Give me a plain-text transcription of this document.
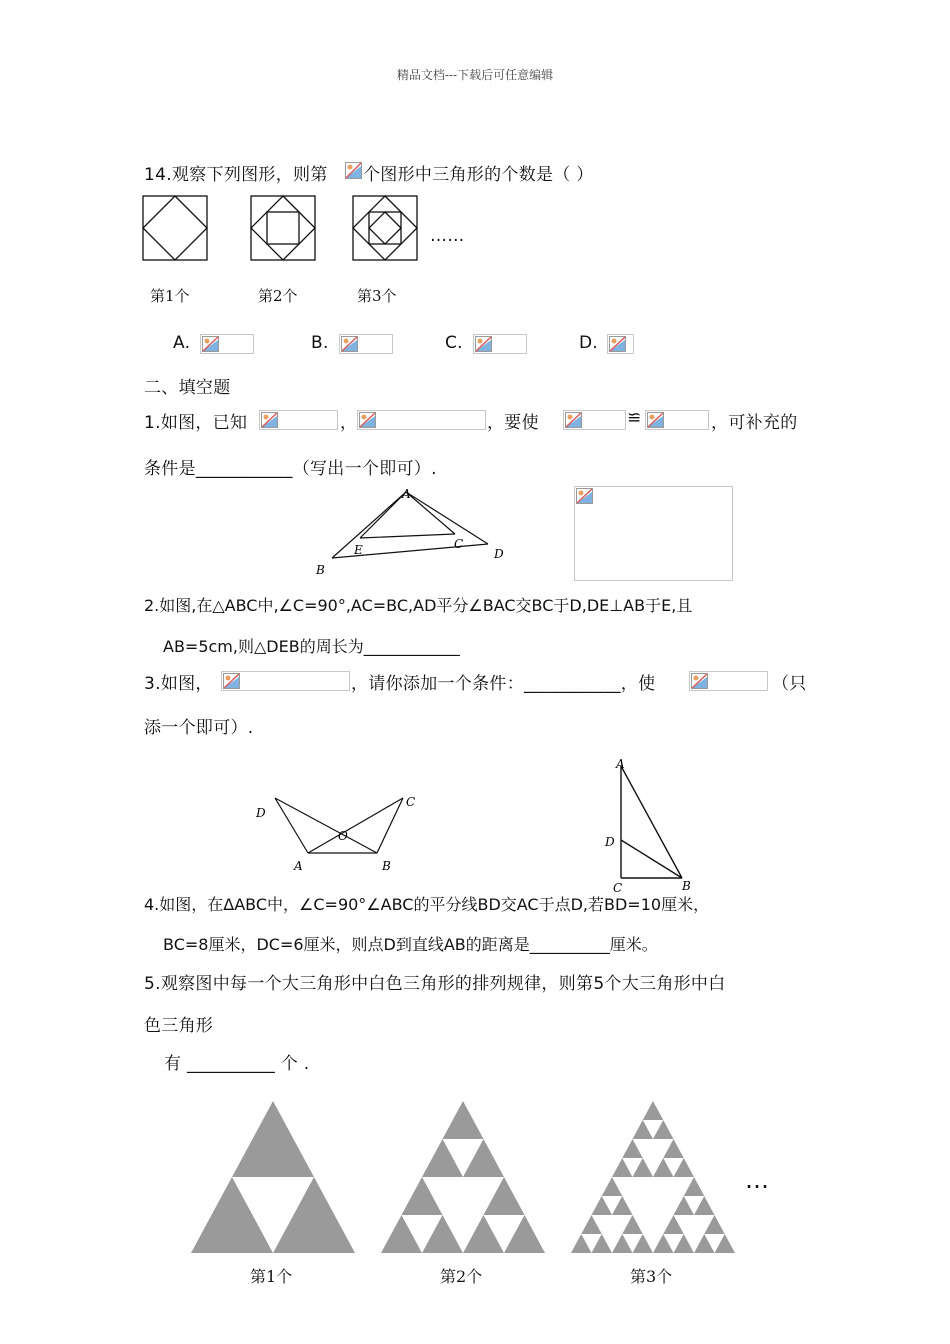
精品文档---下载后可任意编辑
14.观察下列图形，则第 个图形中三角形的个数是（ ）
……
第1个	第2个	第3个
A.	B.	C.	D.
二、填空题
1.如图，已知	，	，要使	≌	，可补充的
条件是___________（写出一个即可）.
A
B
C
D
E
2.如图,在△ABC中,∠C=90°,AC=BC,AD平分∠BAC交BC于D,DE⊥AB于E,且
AB=5cm,则△DEB的周长为____________
3.如图，	，请你添加一个条件：___________，使	（只
添一个即可）.
D
C
A	B
O
A
D
C	B
4.如图，在ΔABC中，∠C=90°∠ABC的平分线BD交AC于点D,若BD=10厘米，
BC=8厘米，DC=6厘米，则点D到直线AB的距离是__________厘米。
5.观察图中每一个大三角形中白色三角形的排列规律，则第5个大三角形中白
色三角形
有 __________ 个 .
…
第1个	第2个	第3个
